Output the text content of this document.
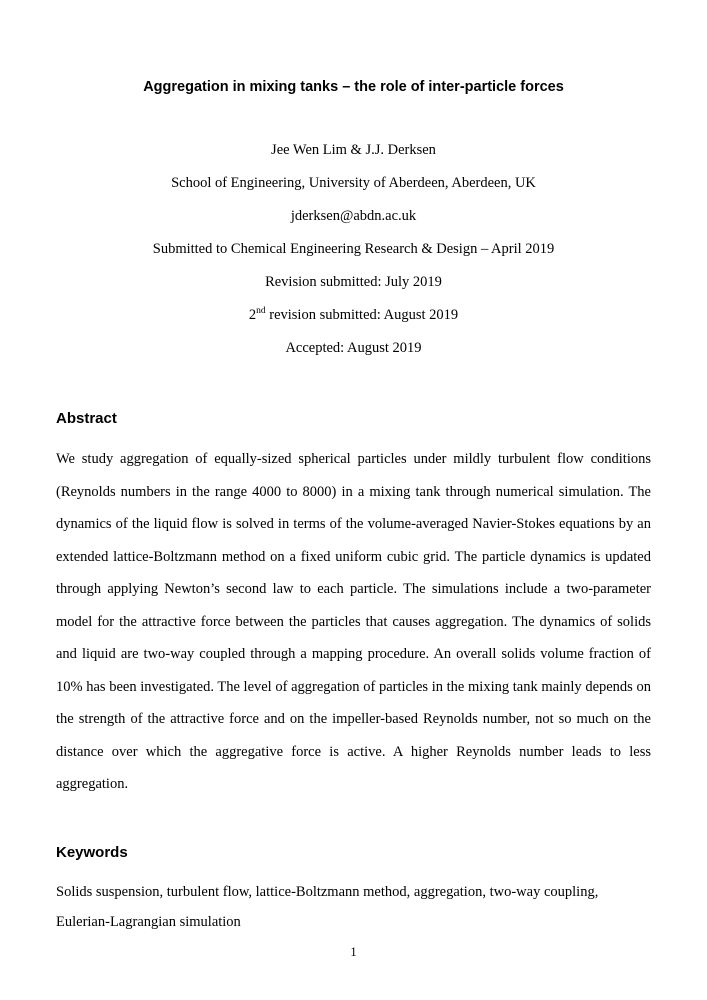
Aggregation in mixing tanks – the role of inter-particle forces

Jee Wen Lim & J.J. Derksen

School of Engineering, University of Aberdeen, Aberdeen, UK

jderksen@abdn.ac.uk

Submitted to Chemical Engineering Research & Design – April 2019

Revision submitted: July 2019

2nd revision submitted: August 2019

Accepted: August 2019

Abstract

We study aggregation of equally-sized spherical particles under mildly turbulent flow conditions (Reynolds numbers in the range 4000 to 8000) in a mixing tank through numerical simulation. The dynamics of the liquid flow is solved in terms of the volume-averaged Navier-Stokes equations by an extended lattice-Boltzmann method on a fixed uniform cubic grid. The particle dynamics is updated through applying Newton’s second law to each particle. The simulations include a two-parameter model for the attractive force between the particles that causes aggregation. The dynamics of solids and liquid are two-way coupled through a mapping procedure. An overall solids volume fraction of 10% has been investigated. The level of aggregation of particles in the mixing tank mainly depends on the strength of the attractive force and on the impeller-based Reynolds number, not so much on the distance over which the aggregative force is active. A higher Reynolds number leads to less aggregation.

Keywords

Solids suspension, turbulent flow, lattice-Boltzmann method, aggregation, two-way coupling, Eulerian-Lagrangian simulation

1
